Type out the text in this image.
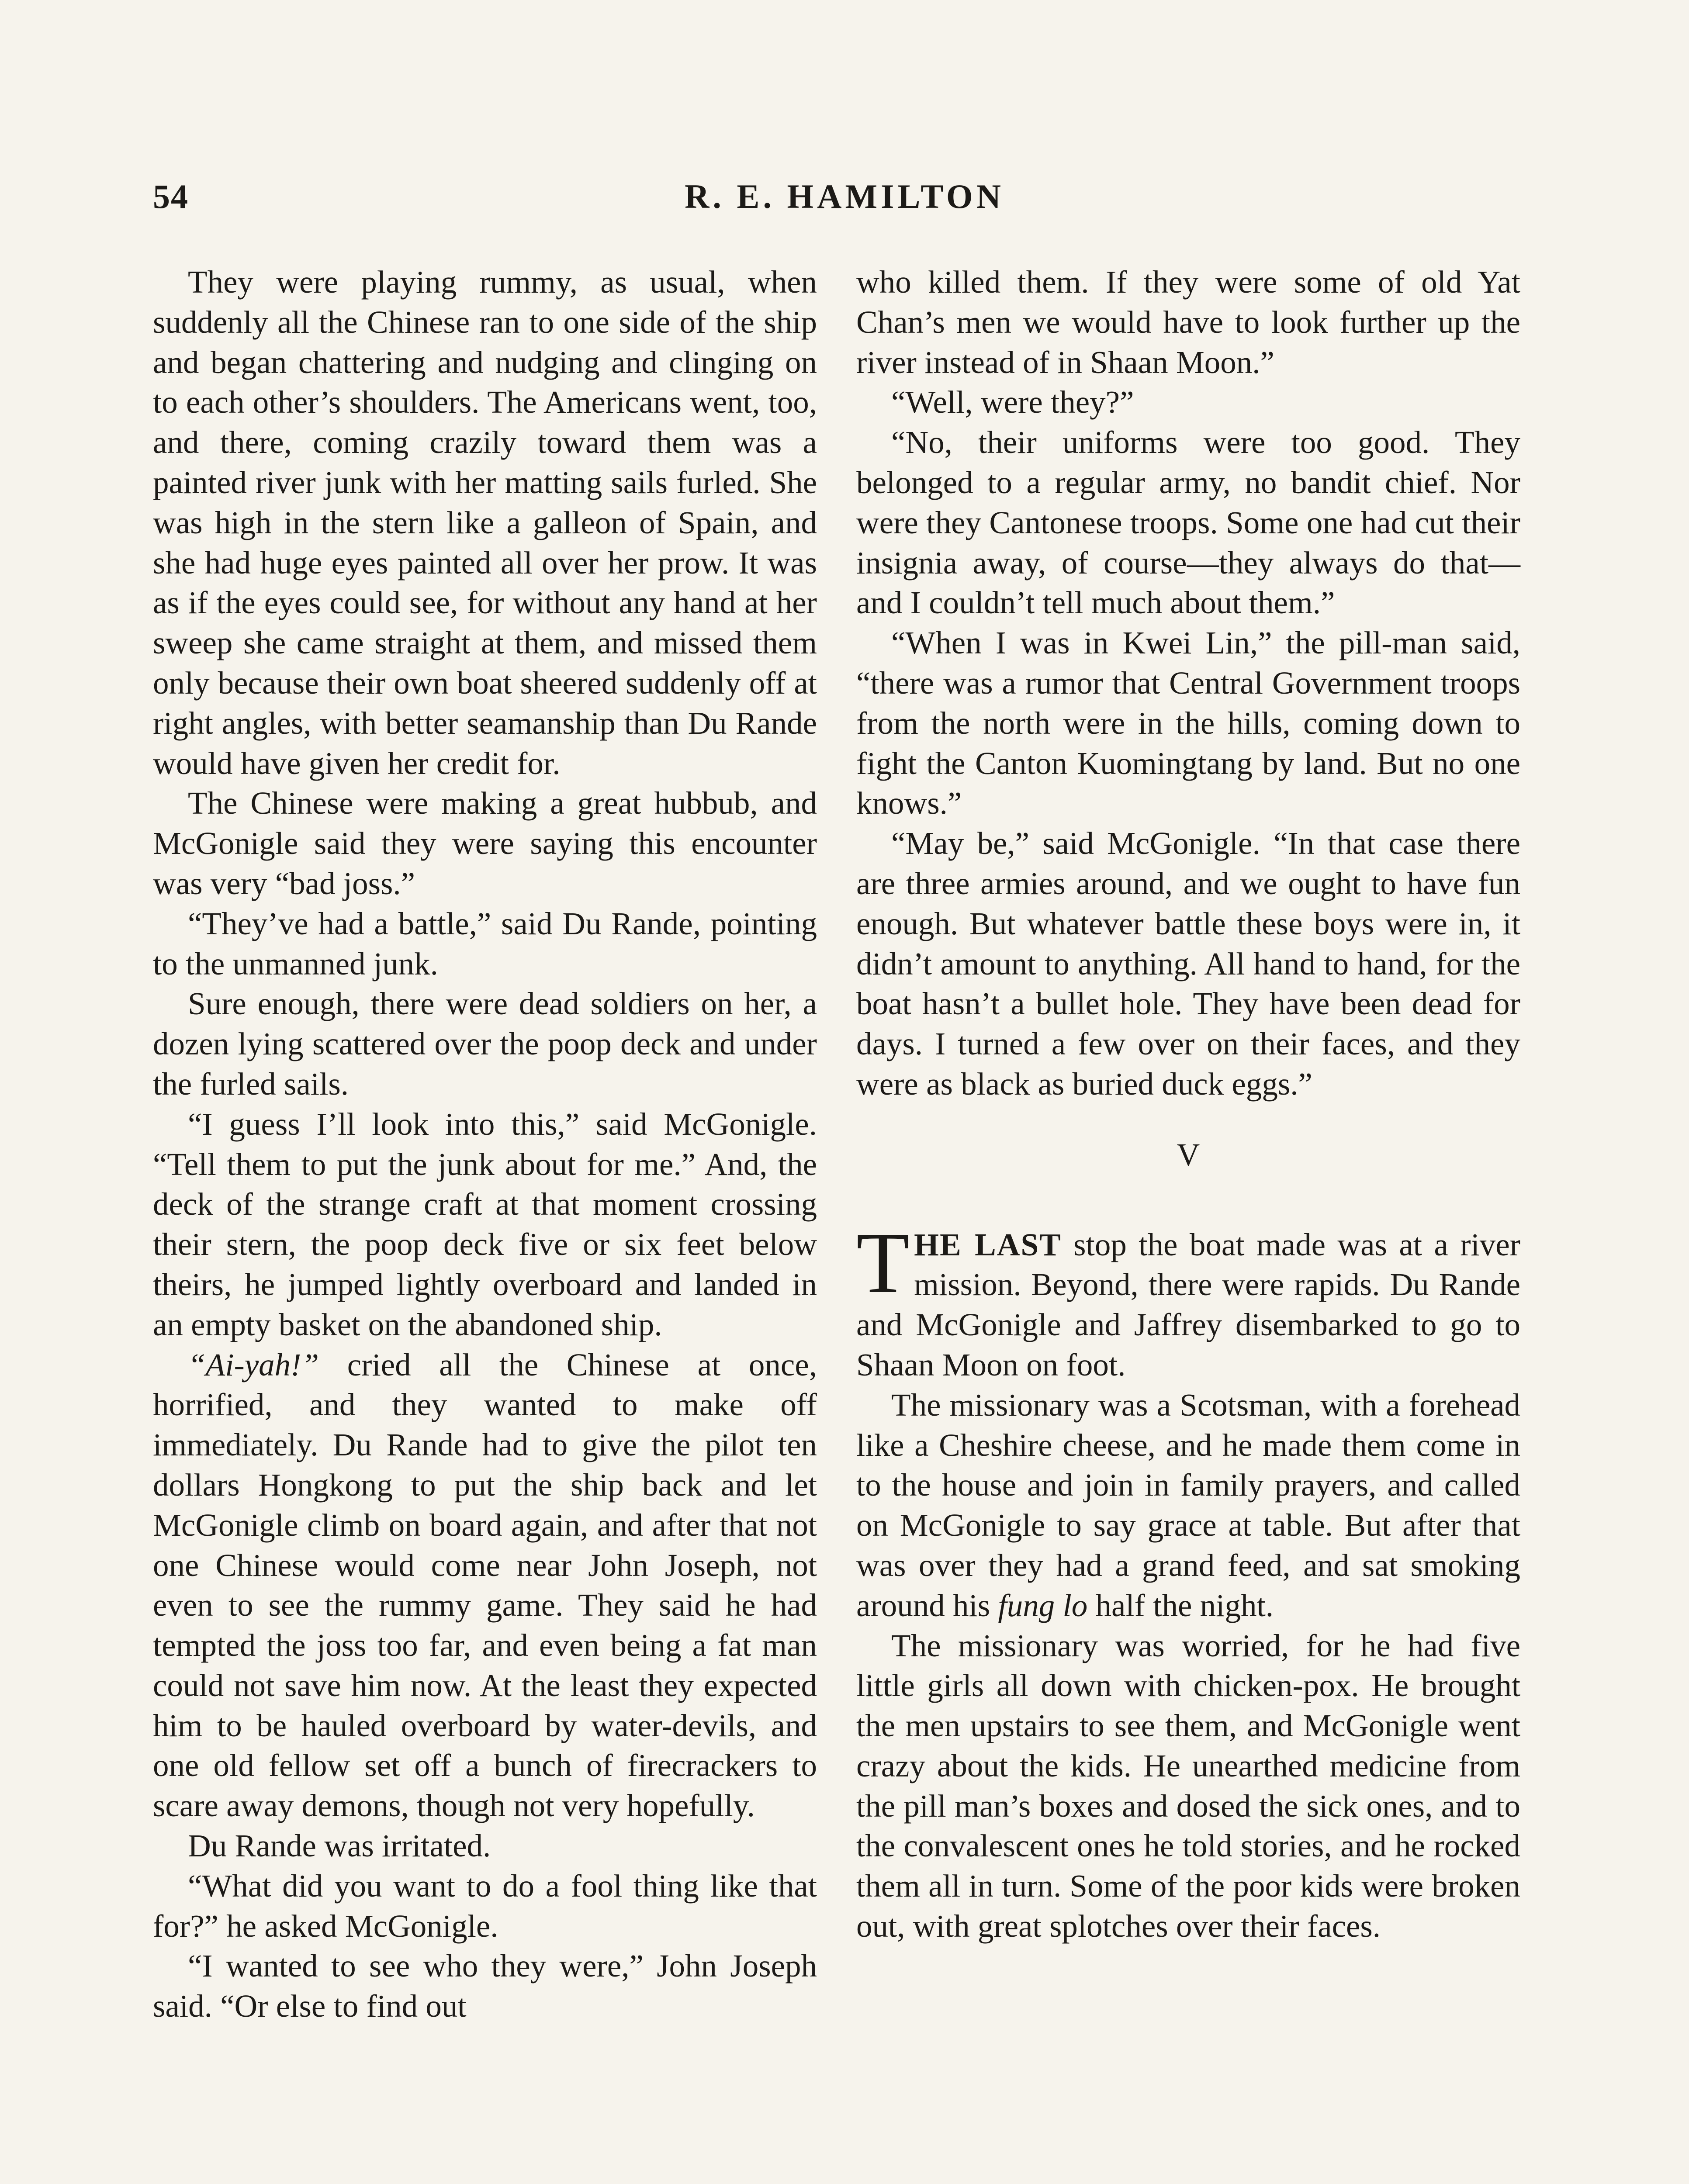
54	R. E. HAMILTON

They were playing rummy, as usual, when suddenly all the Chinese ran to one side of the ship and began chattering and nudging and clinging on to each other’s shoulders. The Americans went, too, and there, coming crazily toward them was a painted river junk with her matting sails furled. She was high in the stern like a galleon of Spain, and she had huge eyes painted all over her prow. It was as if the eyes could see, for without any hand at her sweep she came straight at them, and missed them only because their own boat sheered suddenly off at right angles, with better seamanship than Du Rande would have given her credit for.

The Chinese were making a great hubbub, and McGonigle said they were saying this encounter was very “bad joss.”

“They’ve had a battle,” said Du Rande, pointing to the unmanned junk.

Sure enough, there were dead soldiers on her, a dozen lying scattered over the poop deck and under the furled sails.

“I guess I’ll look into this,” said McGonigle. “Tell them to put the junk about for me.” And, the deck of the strange craft at that moment crossing their stern, the poop deck five or six feet below theirs, he jumped lightly overboard and landed in an empty basket on the abandoned ship.

“Ai-yah!” cried all the Chinese at once, horrified, and they wanted to make off immediately. Du Rande had to give the pilot ten dollars Hongkong to put the ship back and let McGonigle climb on board again, and after that not one Chinese would come near John Joseph, not even to see the rummy game. They said he had tempted the joss too far, and even being a fat man could not save him now. At the least they expected him to be hauled overboard by water-devils, and one old fellow set off a bunch of firecrackers to scare away demons, though not very hopefully.

Du Rande was irritated.

“What did you want to do a fool thing like that for?” he asked McGonigle.

“I wanted to see who they were,” John Joseph said. “Or else to find out

who killed them. If they were some of old Yat Chan’s men we would have to look further up the river instead of in Shaan Moon.”

“Well, were they?”

“No, their uniforms were too good. They belonged to a regular army, no bandit chief. Nor were they Cantonese troops. Some one had cut their insignia away, of course—they always do that—and I couldn’t tell much about them.”

“When I was in Kwei Lin,” the pill-man said, “there was a rumor that Central Government troops from the north were in the hills, coming down to fight the Canton Kuomingtang by land. But no one knows.”

“May be,” said McGonigle. “In that case there are three armies around, and we ought to have fun enough. But whatever battle these boys were in, it didn’t amount to anything. All hand to hand, for the boat hasn’t a bullet hole. They have been dead for days. I turned a few over on their faces, and they were as black as buried duck eggs.”

V

THE LAST stop the boat made was at a river mission. Beyond, there were rapids. Du Rande and McGonigle and Jaffrey disembarked to go to Shaan Moon on foot.

The missionary was a Scotsman, with a forehead like a Cheshire cheese, and he made them come in to the house and join in family prayers, and called on McGonigle to say grace at table. But after that was over they had a grand feed, and sat smoking around his fung lo half the night.

The missionary was worried, for he had five little girls all down with chicken-pox. He brought the men upstairs to see them, and McGonigle went crazy about the kids. He unearthed medicine from the pill man’s boxes and dosed the sick ones, and to the convalescent ones he told stories, and he rocked them all in turn. Some of the poor kids were broken out, with great splotches over their faces.
